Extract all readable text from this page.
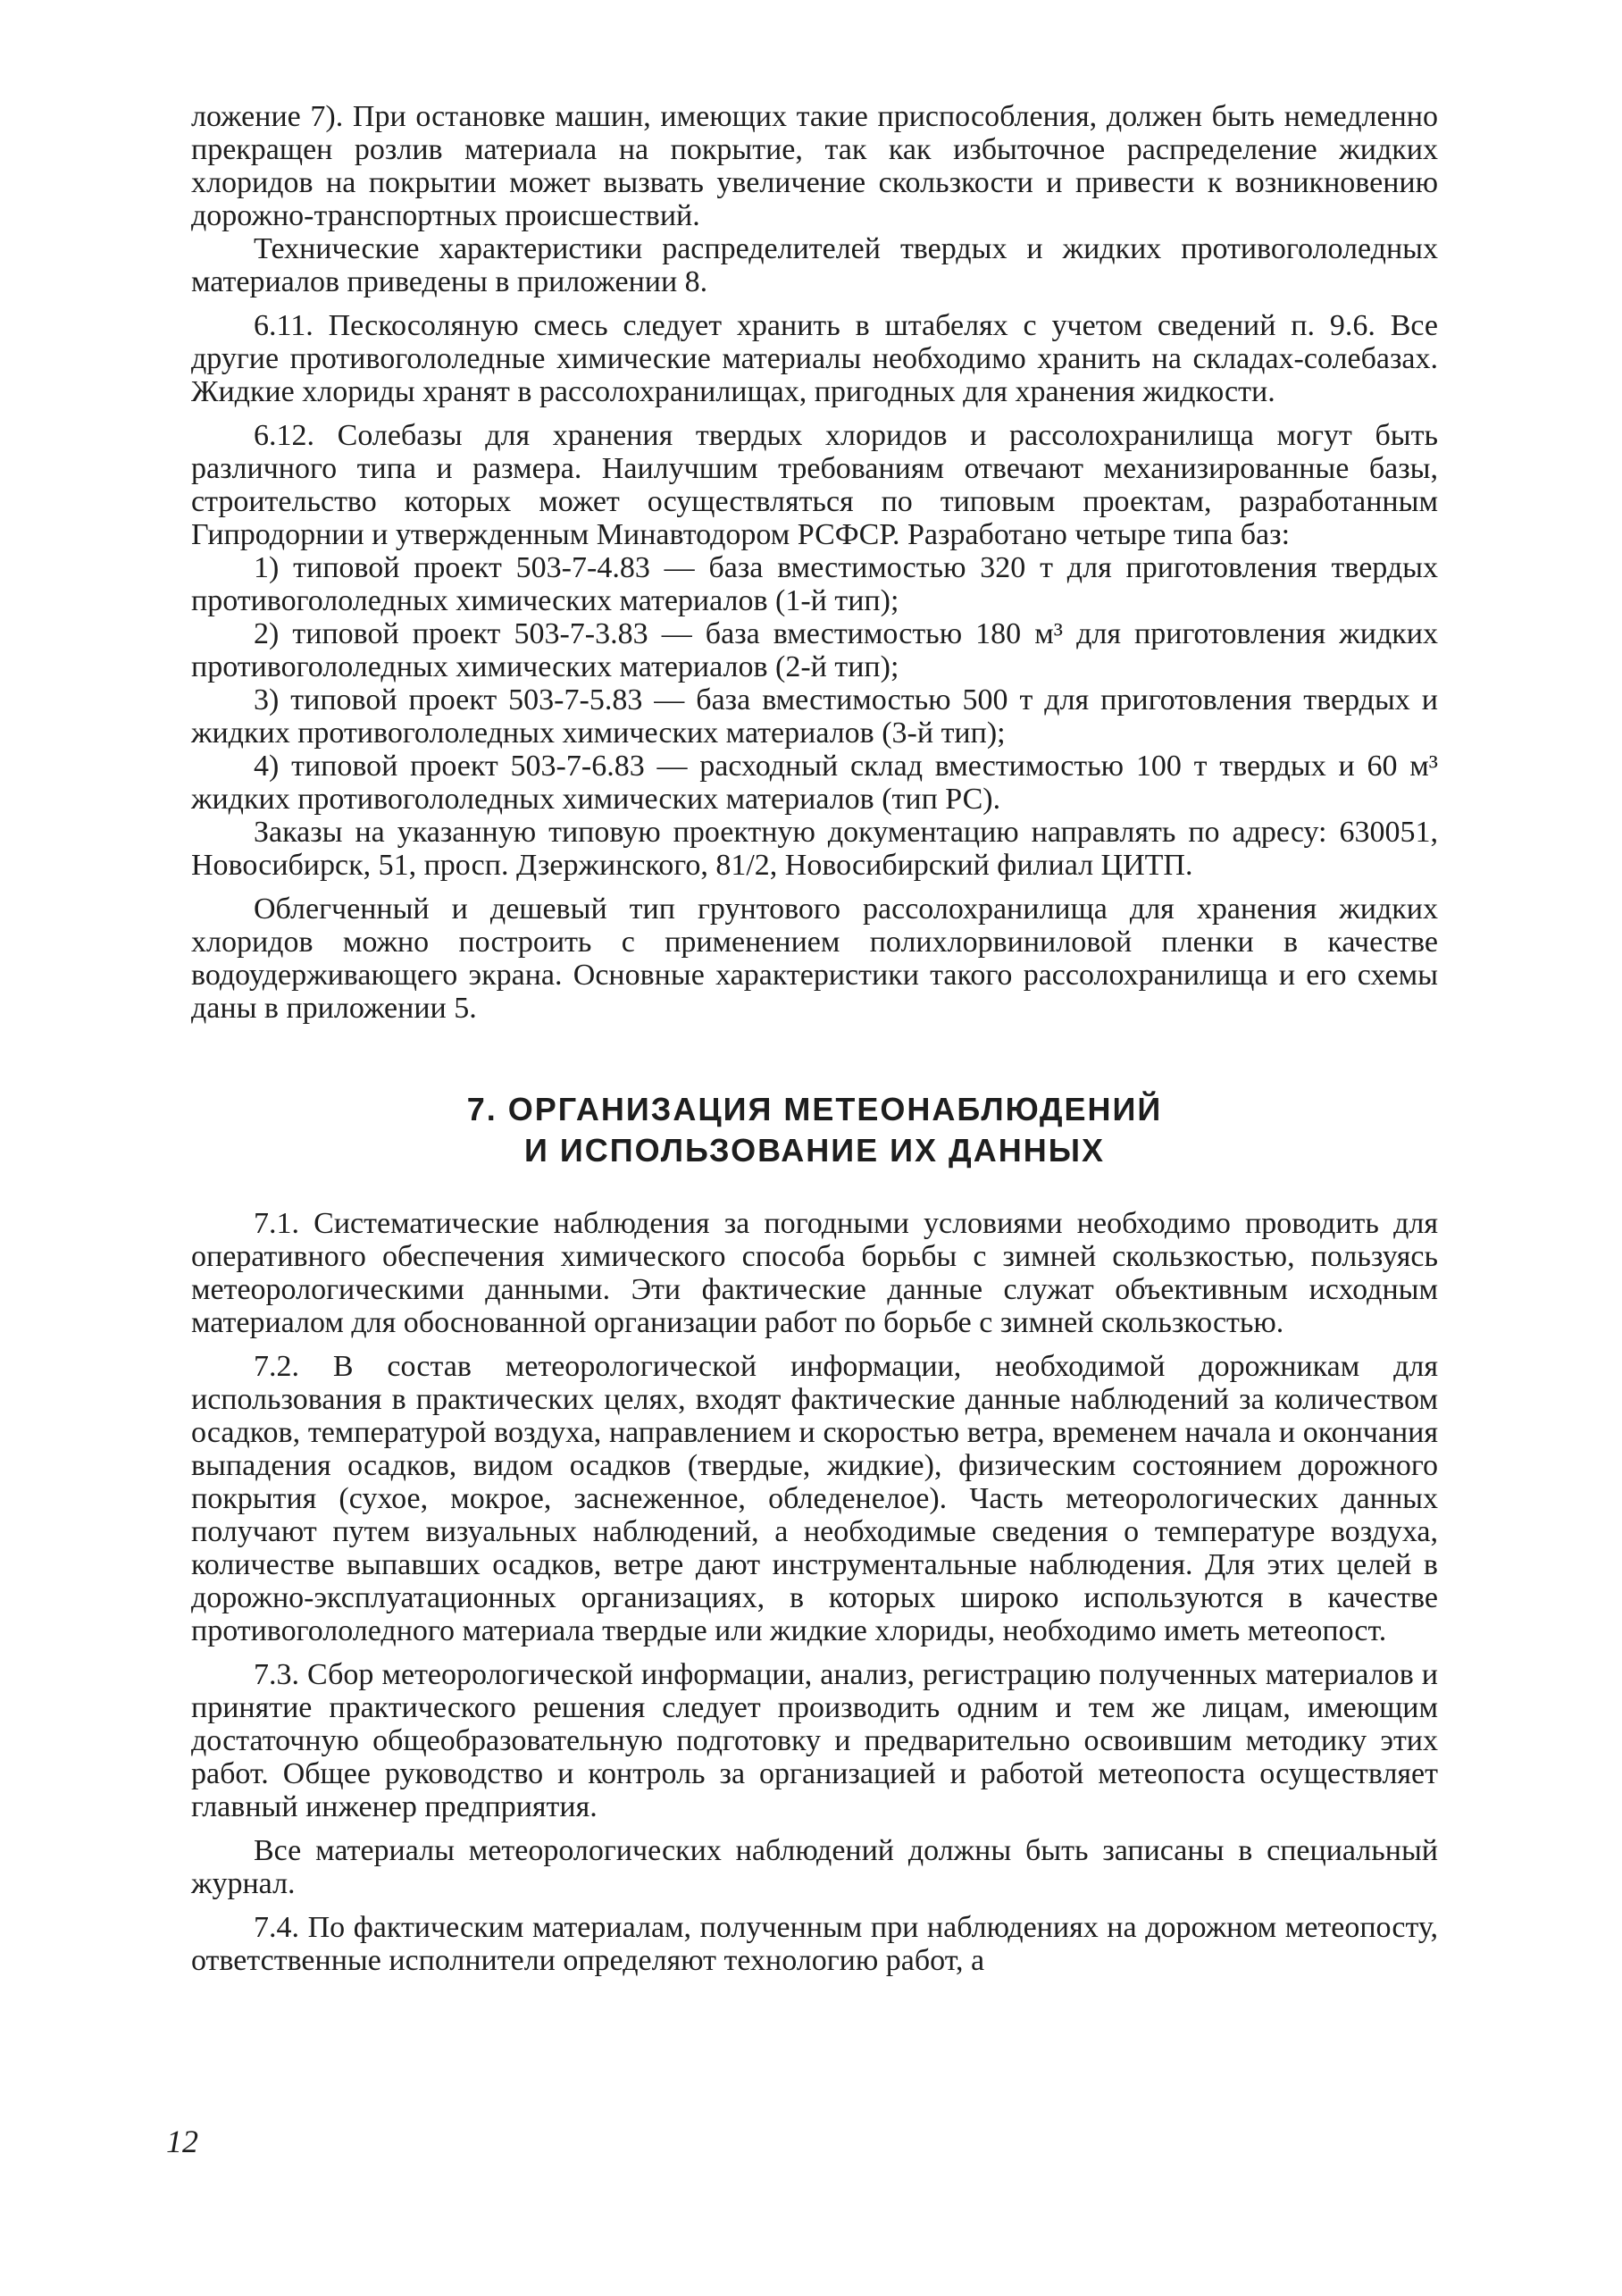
ложение 7). При остановке машин, имеющих такие приспособления, должен быть немедленно прекращен розлив материала на покрытие, так как избыточное распределение жидких хлоридов на покрытии может вызвать увеличение скользкости и привести к возникновению дорожно-транспортных происшествий.

Технические характеристики распределителей твердых и жидких противогололедных материалов приведены в приложении 8.

6.11. Пескосоляную смесь следует хранить в штабелях с учетом сведений п. 9.6. Все другие противогололедные химические материалы необходимо хранить на складах-солебазах. Жидкие хлориды хранят в рассолохранилищах, пригодных для хранения жидкости.

6.12. Солебазы для хранения твердых хлоридов и рассолохранилища могут быть различного типа и размера. Наилучшим требованиям отвечают механизированные базы, строительство которых может осуществляться по типовым проектам, разработанным Гипродорнии и утвержденным Минавтодором РСФСР. Разработано четыре типа баз:

1) типовой проект 503-7-4.83 — база вместимостью 320 т для приготовления твердых противогололедных химических материалов (1-й тип);

2) типовой проект 503-7-3.83 — база вместимостью 180 м³ для приготовления жидких противогололедных химических материалов (2-й тип);

3) типовой проект 503-7-5.83 — база вместимостью 500 т для приготовления твердых и жидких противогололедных химических материалов (3-й тип);

4) типовой проект 503-7-6.83 — расходный склад вместимостью 100 т твердых и 60 м³ жидких противогололедных химических материалов (тип РС).

Заказы на указанную типовую проектную документацию направлять по адресу: 630051, Новосибирск, 51, просп. Дзержинского, 81/2, Новосибирский филиал ЦИТП.

Облегченный и дешевый тип грунтового рассолохранилища для хранения жидких хлоридов можно построить с применением полихлорвиниловой пленки в качестве водоудерживающего экрана. Основные характеристики такого рассолохранилища и его схемы даны в приложении 5.

7. ОРГАНИЗАЦИЯ МЕТЕОНАБЛЮДЕНИЙ
И ИСПОЛЬЗОВАНИЕ ИХ ДАННЫХ

7.1. Систематические наблюдения за погодными условиями необходимо проводить для оперативного обеспечения химического способа борьбы с зимней скользкостью, пользуясь метеорологическими данными. Эти фактические данные служат объективным исходным материалом для обоснованной организации работ по борьбе с зимней скользкостью.

7.2. В состав метеорологической информации, необходимой дорожникам для использования в практических целях, входят фактические данные наблюдений за количеством осадков, температурой воздуха, направлением и скоростью ветра, временем начала и окончания выпадения осадков, видом осадков (твердые, жидкие), физическим состоянием дорожного покрытия (сухое, мокрое, заснеженное, обледенелое). Часть метеорологических данных получают путем визуальных наблюдений, а необходимые сведения о температуре воздуха, количестве выпавших осадков, ветре дают инструментальные наблюдения. Для этих целей в дорожно-эксплуатационных организациях, в которых широко используются в качестве противогололедного материала твердые или жидкие хлориды, необходимо иметь метеопост.

7.3. Сбор метеорологической информации, анализ, регистрацию полученных материалов и принятие практического решения следует производить одним и тем же лицам, имеющим достаточную общеобразовательную подготовку и предварительно освоившим методику этих работ. Общее руководство и контроль за организацией и работой метеопоста осуществляет главный инженер предприятия.

Все материалы метеорологических наблюдений должны быть записаны в специальный журнал.

7.4. По фактическим материалам, полученным при наблюдениях на дорожном метеопосту, ответственные исполнители определяют технологию работ, а

12
